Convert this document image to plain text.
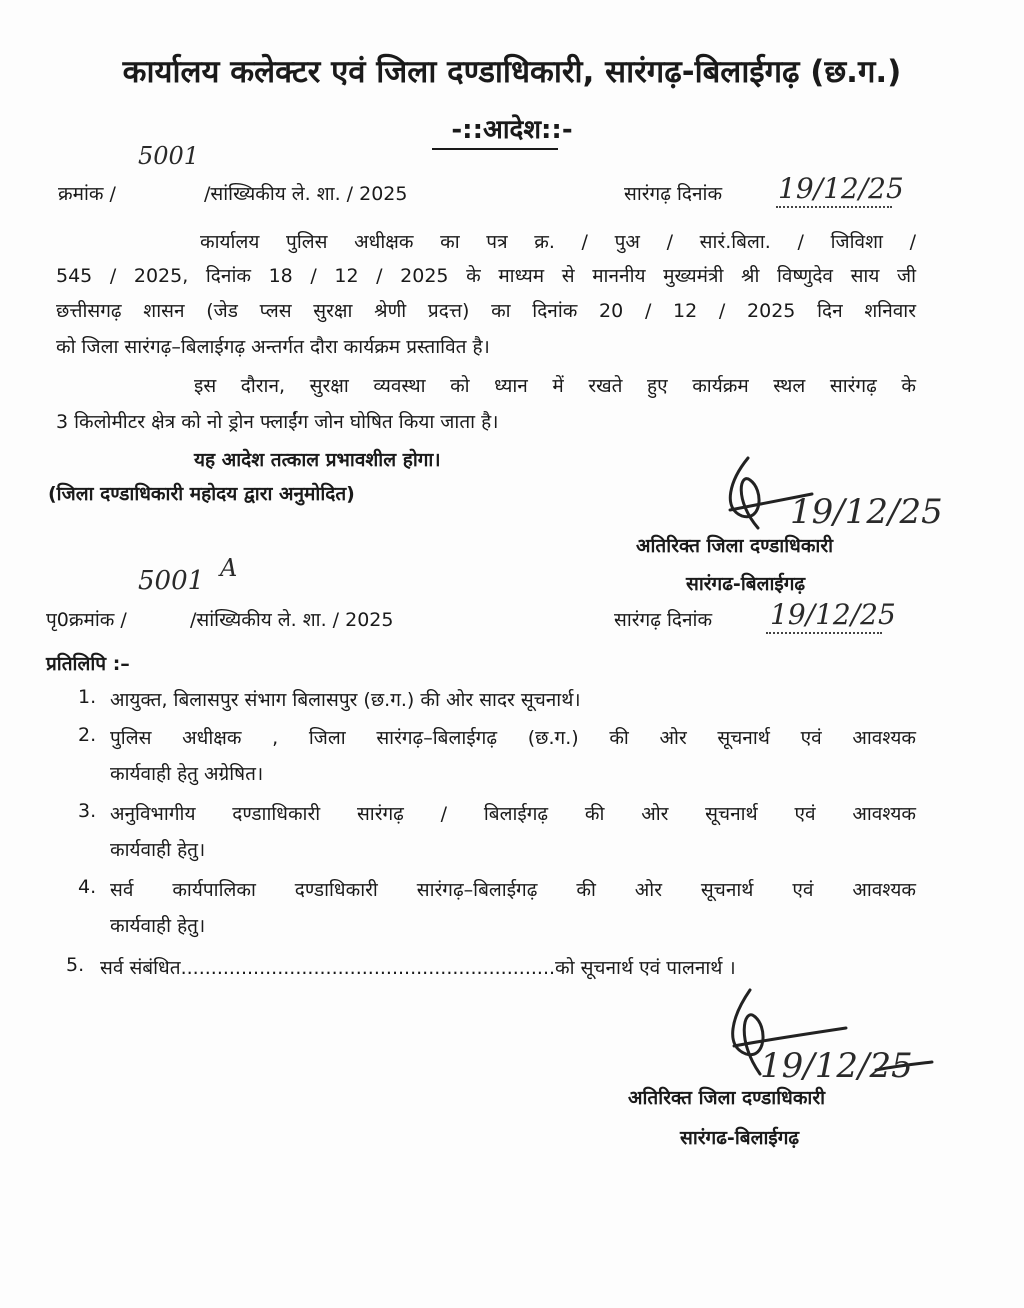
कार्यालय कलेक्टर एवं जिला दण्डाधिकारी, सारंगढ़-बिलाईगढ़ (छ.ग.)
-::आदेश::-
5001
क्रमांक /	/सांख्यिकीय ले. शा. / 2025	सारंगढ़ दिनांक 19/12/25
कार्यालय पुलिस अधीक्षक का पत्र क्र. / पुअ / सारं.बिला. / जिविशा /
545 / 2025, दिनांक 18 / 12 / 2025 के माध्यम से माननीय मुख्यमंत्री श्री विष्णुदेव साय जी
छत्तीसगढ़ शासन (जेड प्लस सुरक्षा श्रेणी प्रदत्त) का दिनांक 20 / 12 / 2025 दिन शनिवार
को जिला सारंगढ़–बिलाईगढ़ अन्तर्गत दौरा कार्यक्रम प्रस्तावित है।
इस दौरान, सुरक्षा व्यवस्था को ध्यान में रखते हुए कार्यक्रम स्थल सारंगढ़ के
3 किलोमीटर क्षेत्र को नो ड्रोन फ्लाईंग जोन घोषित किया जाता है।
यह आदेश तत्काल प्रभावशील होगा।
(जिला दण्डाधिकारी महोदय द्वारा अनुमोदित)	19/12/25
अतिरिक्त जिला दण्डाधिकारी
सारंगढ-बिलाईगढ़
5001 A
पृ0क्रमांक /	/सांख्यिकीय ले. शा. / 2025	सारंगढ़ दिनांक 19/12/25
प्रतिलिपि :–
1. आयुक्त, बिलासपुर संभाग बिलासपुर (छ.ग.) की ओर सादर सूचनार्थ।
2. पुलिस अधीक्षक , जिला सारंगढ़–बिलाईगढ़ (छ.ग.) की ओर सूचनार्थ एवं आवश्यक
कार्यवाही हेतु अग्रेषित।
3. अनुविभागीय दण्डााधिकारी सारंगढ़ / बिलाईगढ़ की ओर सूचनार्थ एवं आवश्यक
कार्यवाही हेतु।
4. सर्व कार्यपालिका दण्डाधिकारी सारंगढ़–बिलाईगढ़ की ओर सूचनार्थ एवं आवश्यक
कार्यवाही हेतु।
5. सर्व संबंधित..............................................................को सूचनार्थ एवं पालनार्थ ।
19/12/25
अतिरिक्त जिला दण्डाधिकारी
सारंगढ-बिलाईगढ़
